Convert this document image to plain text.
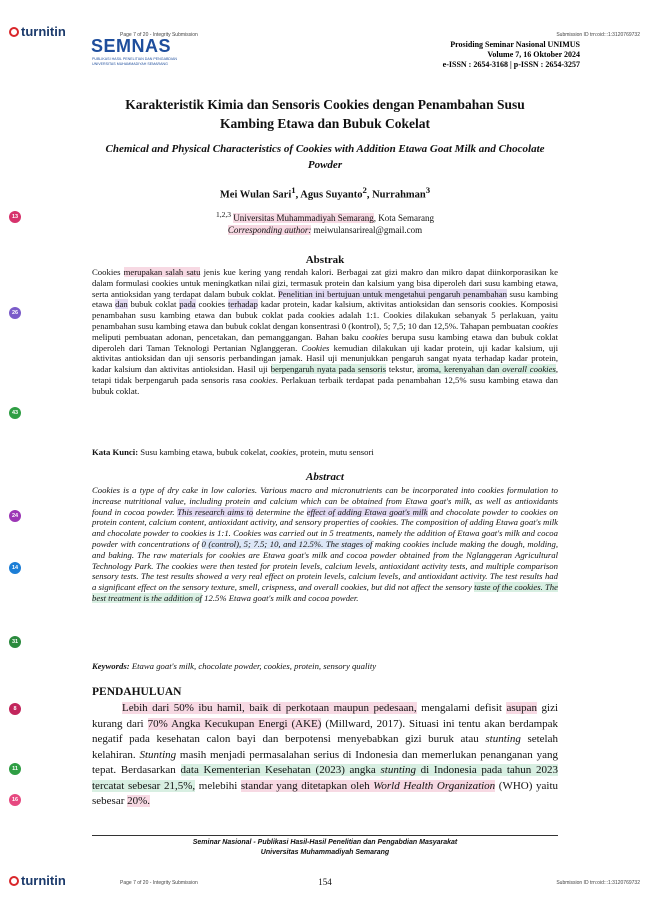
turnitin	Page 7 of 20 - Integrity Submission	Submission ID trn:oid:::1:3120769732
SEMNAS
PUBLIKASI HASIL PENELITIAN DAN PENGABDIAN
UNIVERSITAS MUHAMMADIYAH SEMARANG
Prosiding Seminar Nasional UNIMUS
Volume 7, 16 Oktober 2024
e-ISSN : 2654-3168 | p-ISSN : 2654-3257
Karakteristik Kimia dan Sensoris Cookies dengan Penambahan Susu Kambing Etawa dan Bubuk Cokelat
Chemical and Physical Characteristics of Cookies with Addition Etawa Goat Milk and Chocolate Powder
Mei Wulan Sari$^1$, Agus Suyanto$^2$, Nurrahman$^3$
$^{1,2,3}$ Universitas Muhammadiyah Semarang, Kota Semarang
Corresponding author: meiwulansarireal@gmail.com
Abstrak
Cookies merupakan salah satu jenis kue kering yang rendah kalori. Berbagai zat gizi makro dan mikro dapat diinkorporasikan ke dalam formulasi cookies untuk meningkatkan nilai gizi, termasuk protein dan kalsium yang bisa diperoleh dari susu kambing etawa, serta antioksidan yang terdapat dalam bubuk coklat. Penelitian ini bertujuan untuk mengetahui pengaruh penambahan susu kambing etawa dan bubuk coklat pada cookies terhadap kadar protein, kadar kalsium, aktivitas antioksidan dan sensoris cookies. Komposisi penambahan susu kambing etawa dan bubuk coklat pada cookies adalah 1:1. Cookies dilakukan sebanyak 5 perlakuan, yaitu penambahan susu kambing etawa dan bubuk coklat dengan konsentrasi 0 (kontrol), 5; 7,5; 10 dan 12,5%. Tahapan pembuatan cookies meliputi pembuatan adonan, pencetakan, dan pemanggangan. Bahan baku cookies berupa susu kambing etawa dan bubuk coklat diperoleh dari Taman Teknologi Pertanian Nglanggeran. Cookies kemudian dilakukan uji kadar protein, uji kadar kalsium, uji aktivitas antioksidan dan uji sensoris perbandingan jamak. Hasil uji menunjukkan pengaruh sangat nyata terhadap kadar protein, kadar kalsium dan aktivitas antioksidan. Hasil uji berpengaruh nyata pada sensoris tekstur, aroma, kerenyahan dan overall cookies, tetapi tidak berpengaruh pada sensoris rasa cookies. Perlakuan terbaik terdapat pada penambahan 12,5% susu kambing etawa dan bubuk coklat.
Kata Kunci: Susu kambing etawa, bubuk cokelat, cookies, protein, mutu sensori
Abstract
Cookies is a type of dry cake in low calories. Various macro and micronutrients can be incorporated into cookies formulation to increase nutritional value, including protein and calcium which can be obtained from Etawa goat's milk, as well as antioxidants found in cocoa powder. This research aims to determine the effect of adding Etawa goat's milk and chocolate powder to cookies on protein content, calcium content, antioxidant activity, and sensory properties of cookies. The composition of adding Etawa goat's milk and chocolate powder to cookies is 1:1. Cookies was carried out in 5 treatments, namely the addition of Etawa goat's milk and cocoa powder with concentrations of 0 (control), 5; 7.5; 10, and 12.5%. The stages of making cookies include making the dough, molding, and baking. The raw materials for cookies are Etawa goat's milk and cocoa powder obtained from the Nglanggeran Agricultural Technology Park. The cookies were then tested for protein levels, calcium levels, antioxidant activity tests, and multiple comparison sensory tests. The test results showed a very real effect on protein levels, calcium levels, and antioxidant activity. The test results had a significant effect on the sensory texture, smell, crispness, and overall cookies, but did not affect the sensory taste of the cookies. The best treatment is the addition of 12.5% Etawa goat's milk and cocoa powder.
Keywords: Etawa goat's milk, chocolate powder, cookies, protein, sensory quality
PENDAHULUAN
Lebih dari 50% ibu hamil, baik di perkotaan maupun pedesaan, mengalami defisit asupan gizi kurang dari 70% Angka Kecukupan Energi (AKE) (Millward, 2017). Situasi ini tentu akan berdampak negatif pada kesehatan calon bayi dan berpotensi menyebabkan gizi buruk atau stunting setelah kelahiran. Stunting masih menjadi permasalahan serius di Indonesia dan memerlukan penanganan yang tepat. Berdasarkan data Kementerian Kesehatan (2023) angka stunting di Indonesia pada tahun 2023 tercatat sebesar 21,5%, melebihi standar yang ditetapkan oleh World Health Organization (WHO) yaitu sebesar 20%.
Seminar Nasional - Publikasi Hasil-Hasil Penelitian dan Pengabdian Masyarakat
Universitas Muhammadiyah Semarang
154
turnitin	Page 7 of 20 - Integrity Submission	Submission ID trn:oid:::1:3120769732
13
26
43
24
14
31
8
11
16
